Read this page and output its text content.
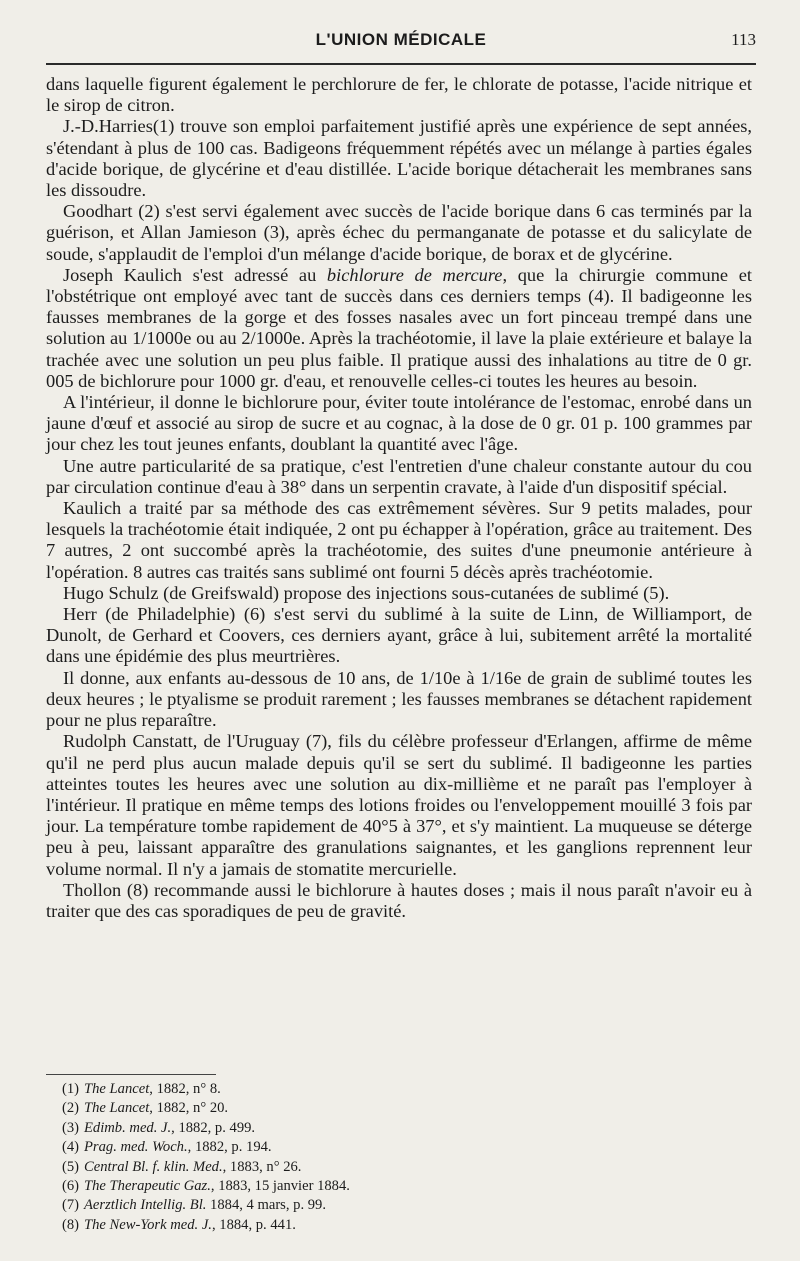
L'UNION MÉDICALE	113

dans laquelle figurent également le perchlorure de fer, le chlorate de potasse, l'acide nitrique et le sirop de citron.

J.-D.Harries(1) trouve son emploi parfaitement justifié après une expérience de sept années, s'étendant à plus de 100 cas. Badigeons fréquemment répétés avec un mélange à parties égales d'acide borique, de glycérine et d'eau distillée. L'acide borique détacherait les membranes sans les dissoudre.

Goodhart (2) s'est servi également avec succès de l'acide borique dans 6 cas terminés par la guérison, et Allan Jamieson (3), après échec du permanganate de potasse et du salicylate de soude, s'applaudit de l'emploi d'un mélange d'acide borique, de borax et de glycérine.

Joseph Kaulich s'est adressé au bichlorure de mercure, que la chirurgie commune et l'obstétrique ont employé avec tant de succès dans ces derniers temps (4). Il badigeonne les fausses membranes de la gorge et des fosses nasales avec un fort pinceau trempé dans une solution au 1/1000e ou au 2/1000e. Après la trachéotomie, il lave la plaie extérieure et balaye la trachée avec une solution un peu plus faible. Il pratique aussi des inhalations au titre de 0 gr. 005 de bichlorure pour 1000 gr. d'eau, et renouvelle celles-ci toutes les heures au besoin.

A l'intérieur, il donne le bichlorure pour, éviter toute intolérance de l'estomac, enrobé dans un jaune d'œuf et associé au sirop de sucre et au cognac, à la dose de 0 gr. 01 p. 100 grammes par jour chez les tout jeunes enfants, doublant la quantité avec l'âge.

Une autre particularité de sa pratique, c'est l'entretien d'une chaleur constante autour du cou par circulation continue d'eau à 38° dans un serpentin cravate, à l'aide d'un dispositif spécial.

Kaulich a traité par sa méthode des cas extrêmement sévères. Sur 9 petits malades, pour lesquels la trachéotomie était indiquée, 2 ont pu échapper à l'opération, grâce au traitement. Des 7 autres, 2 ont succombé après la trachéotomie, des suites d'une pneumonie antérieure à l'opération. 8 autres cas traités sans sublimé ont fourni 5 décès après trachéotomie.

Hugo Schulz (de Greifswald) propose des injections sous-cutanées de sublimé (5).

Herr (de Philadelphie) (6) s'est servi du sublimé à la suite de Linn, de Williamport, de Dunolt, de Gerhard et Coovers, ces derniers ayant, grâce à lui, subitement arrêté la mortalité dans une épidémie des plus meurtrières.

Il donne, aux enfants au-dessous de 10 ans, de 1/10e à 1/16e de grain de sublimé toutes les deux heures ; le ptyalisme se produit rarement ; les fausses membranes se détachent rapidement pour ne plus reparaître.

Rudolph Canstatt, de l'Uruguay (7), fils du célèbre professeur d'Erlangen, affirme de même qu'il ne perd plus aucun malade depuis qu'il se sert du sublimé. Il badigeonne les parties atteintes toutes les heures avec une solution au dix-millième et ne paraît pas l'employer à l'intérieur. Il pratique en même temps des lotions froides ou l'enveloppement mouillé 3 fois par jour. La température tombe rapidement de 40°5 à 37°, et s'y maintient. La muqueuse se déterge peu à peu, laissant apparaître des granulations saignantes, et les ganglions reprennent leur volume normal. Il n'y a jamais de stomatite mercurielle.

Thollon (8) recommande aussi le bichlorure à hautes doses ; mais il nous paraît n'avoir eu à traiter que des cas sporadiques de peu de gravité.

(1) The Lancet, 1882, n° 8.
(2) The Lancet, 1882, n° 20.
(3) Edimb. med. J., 1882, p. 499.
(4) Prag. med. Woch., 1882, p. 194.
(5) Central Bl. f. klin. Med., 1883, n° 26.
(6) The Therapeutic Gaz., 1883, 15 janvier 1884.
(7) Aerztlich Intellig. Bl. 1884, 4 mars, p. 99.
(8) The New-York med. J., 1884, p. 441.
